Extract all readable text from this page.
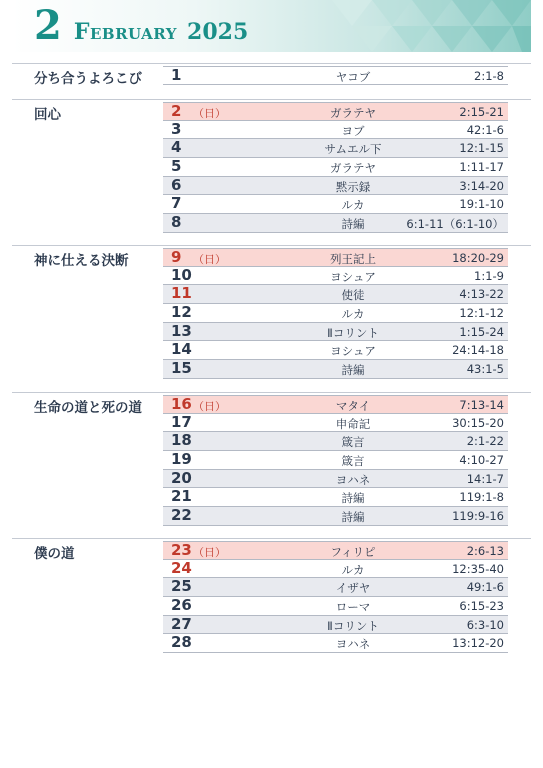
2 February 2025
分ち合うよろこび 1	ヤコブ	2:1-8
回心	2 （日）	ガラテヤ	2:15-21
3	ヨブ	42:1-6
4	サムエル下	12:1-15
5	ガラテヤ	1:11-17
6	黙示録	3:14-20
7	ルカ	19:1-10
8	詩編	6:1-11（6:1-10）
神に仕える決断	9 （日）	列王記上	18:20-29
10	ヨシュア	1:1-9
11	使徒	4:13-22
12	ルカ	12:1-12
13	Ⅱコリント	1:15-24
14	ヨシュア	24:14-18
15	詩編	43:1-5
生命の道と死の道 16 （日）	マタイ	7:13-14
17	申命記	30:15-20
18	箴言	2:1-22
19	箴言	4:10-27
20	ヨハネ	14:1-7
21	詩編	119:1-8
22	詩編	119:9-16
僕の道	23 （日）	フィリピ	2:6-13
24	ルカ	12:35-40
25	イザヤ	49:1-6
26	ローマ	6:15-23
27	Ⅱコリント	6:3-10
28	ヨハネ	13:12-20
